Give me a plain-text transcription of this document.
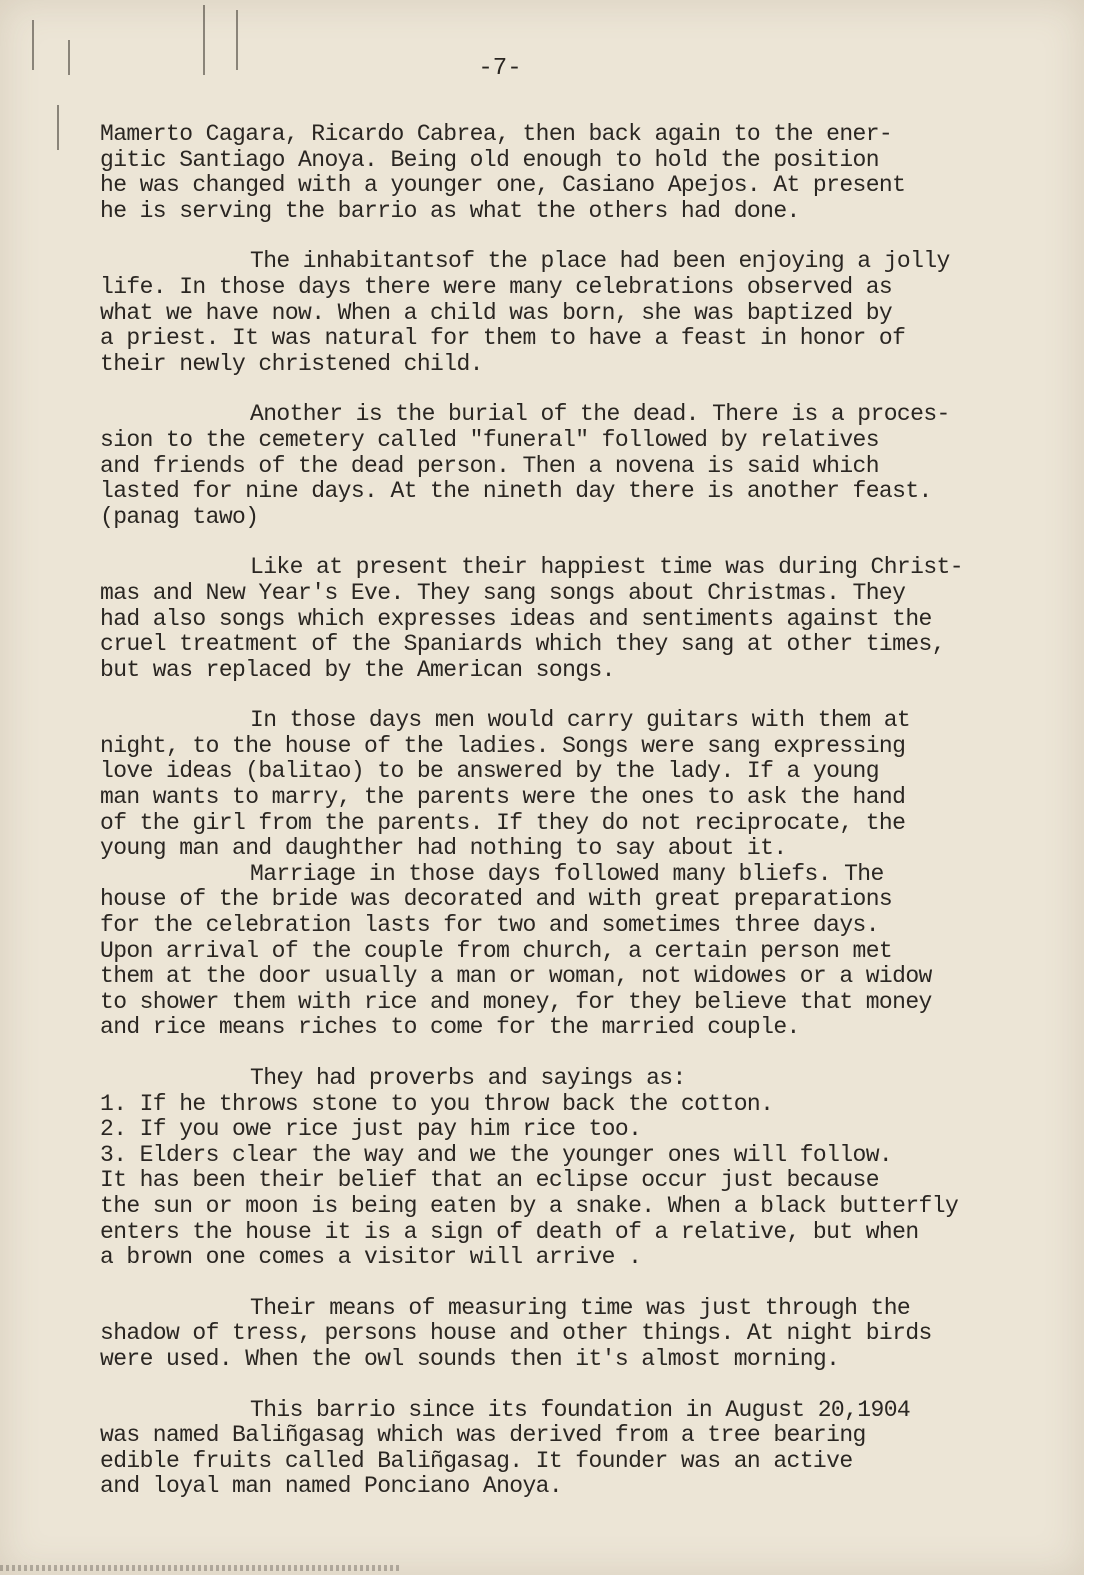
-7-
Mamerto Cagara, Ricardo Cabrea, then back again to the ener-
gitic Santiago Anoya. Being old enough to hold the position
he was changed with a younger one, Casiano Apejos. At present
he is serving the barrio as what the others had done.
The inhabitantsof the place had been enjoying a jolly
life. In those days there were many celebrations observed as
what we have now. When a child was born, she was baptized by
a priest. It was natural for them to have a feast in honor of
their newly christened child.
Another is the burial of the dead. There is a proces-
sion to the cemetery called "funeral" followed by relatives
and friends of the dead person. Then a novena is said which
lasted for nine days. At the nineth day there is another feast.
(panag tawo)
Like at present their happiest time was during Christ-
mas and New Year's Eve. They sang songs about Christmas. They
had also songs which expresses ideas and sentiments against the
cruel treatment of the Spaniards which they sang at other times,
but was replaced by the American songs.
In those days men would carry guitars with them at
night, to the house of the ladies. Songs were sang expressing
love ideas (balitao) to be answered by the lady. If a young
man wants to marry, the parents were the ones to ask the hand
of the girl from the parents. If they do not reciprocate, the
young man and daughther had nothing to say about it.
Marriage in those days followed many bliefs. The
house of the bride was decorated and with great preparations
for the celebration lasts for two and sometimes three days.
Upon arrival of the couple from church, a certain person met
them at the door usually a man or woman, not widowes or a widow
to shower them with rice and money, for they believe that money
and rice means riches to come for the married couple.
They had proverbs and sayings as:
1. If he throws stone to you throw back the cotton.
2. If you owe rice just pay him rice too.
3. Elders clear the way and we the younger ones will follow.
It has been their belief that an eclipse occur just because
the sun or moon is being eaten by a snake. When a black butterfly
enters the house it is a sign of death of a relative, but when
a brown one comes a visitor will arrive .
Their means of measuring time was just through the
shadow of tress, persons house and other things. At night birds
were used. When the owl sounds then it's almost morning.
This barrio since its foundation in August 20,1904
was named Baliñgasag which was derived from a tree bearing
edible fruits called Baliñgasag. It founder was an active
and loyal man named Ponciano Anoya.
